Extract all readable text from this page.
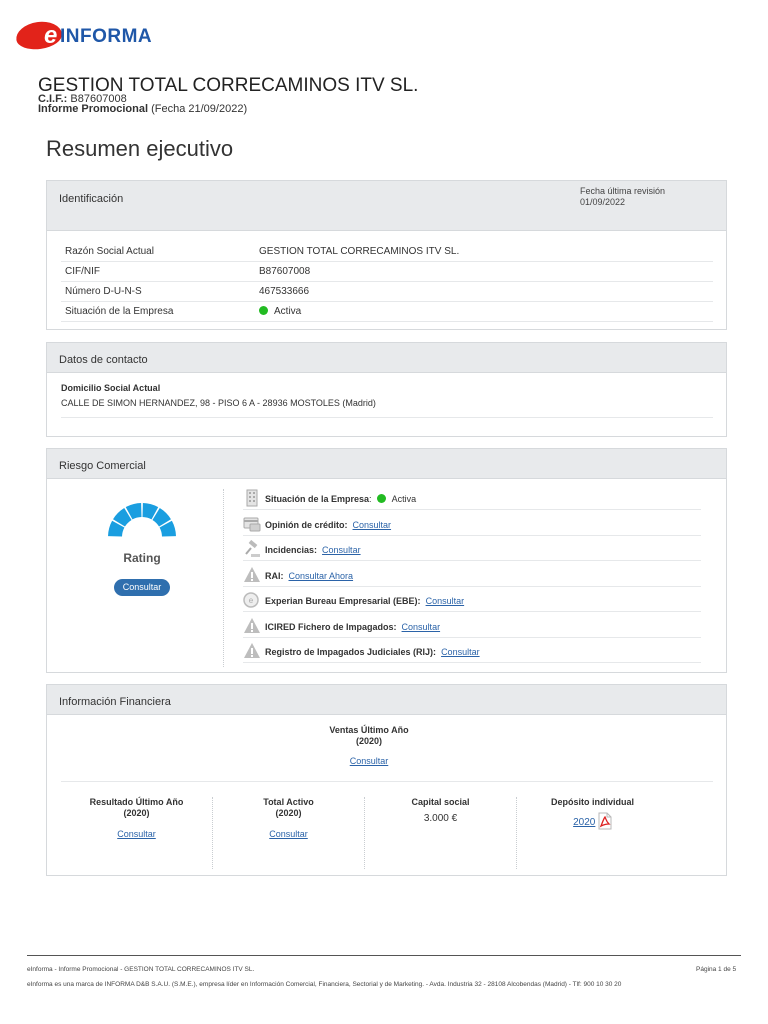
e INFORMA
GESTION TOTAL CORRECAMINOS ITV SL.
C.I.F.: B87607008
Informe Promocional (Fecha 21/09/2022)
Resumen ejecutivo
Identificación
Fecha última revisión
01/09/2022
Razón Social Actual	GESTION TOTAL CORRECAMINOS ITV SL.
CIF/NIF	B87607008
Número D-U-N-S	467533666
Situación de la Empresa	Activa
Datos de contacto
Domicilio Social Actual
CALLE DE SIMON HERNANDEZ, 98 - PISO 6 A - 28936 MOSTOLES (Madrid)
Riesgo Comercial
Rating
Consultar
Situación de la Empresa: Activa
Opinión de crédito: Consultar
Incidencias: Consultar
RAI: Consultar Ahora
e Experian Bureau Empresarial (EBE): Consultar
ICIRED Fichero de Impagados: Consultar
Registro de Impagados Judiciales (RIJ): Consultar
Información Financiera
Ventas Último Año
(2020)
Consultar
Resultado Último Año
(2020)
Consultar
Total Activo
(2020)
Consultar
Capital social
3.000 €
Depósito individual
2020
eInforma - Informe Promocional - GESTION TOTAL CORRECAMINOS ITV SL.	Página 1 de 5
eInforma es una marca de INFORMA D&B S.A.U. (S.M.E.), empresa líder en Información Comercial, Financiera, Sectorial y de Marketing. - Avda. Industria 32 - 28108 Alcobendas (Madrid) - Tlf: 900 10 30 20
